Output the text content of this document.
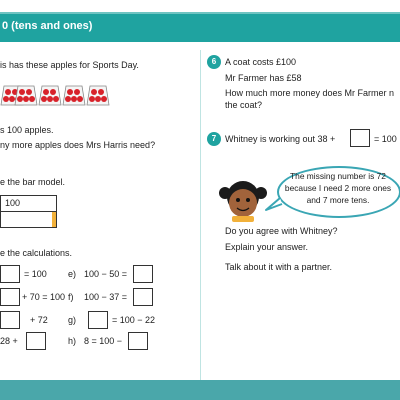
0 (tens and ones)
is has these apples for Sports Day.
s 100 apples.
ny more apples does Mrs Harris need?
e the bar model.
100
e the calculations.
= 100
+ 70 = 100
+ 72
28 +
e) 100 − 50 =
f) 100 − 37 =
g)	= 100 − 22
h) 8 = 100 −
6 A coat costs £100
Mr Farmer has £58
How much more money does Mr Farmer n
the coat?
7 Whitney is working out 38 +	= 100
The missing number is 72
because I need 2 more ones
and 7 more tens.
Do you agree with Whitney?
Explain your answer.
Talk about it with a partner.
